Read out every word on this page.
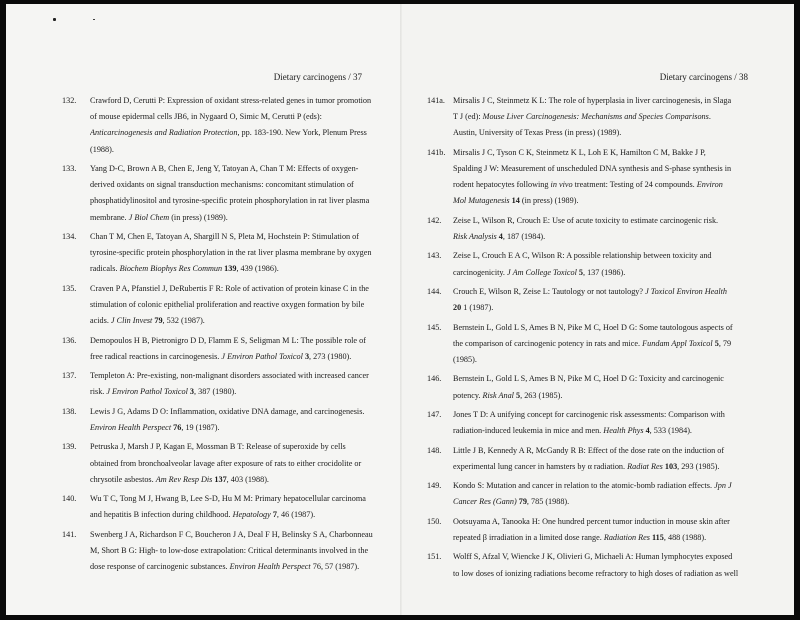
Dietary carcinogens / 37
132.	Crawford D, Cerutti P: Expression of oxidant stress-related genes in tumor promotion
of mouse epidermal cells JB6, in Nygaard O, Simic M, Cerutti P (eds):
Anticarcinogenesis and Radiation Protection, pp. 183-190. New York, Plenum Press
(1988).
133.	Yang D-C, Brown A B, Chen E, Jeng Y, Tatoyan A, Chan T M: Effects of oxygen-
derived oxidants on signal transduction mechanisms: concomitant stimulation of
phosphatidylinositol and tyrosine-specific protein phosphorylation in rat liver plasma
membrane. J Biol Chem (in press) (1989).
134.	Chan T M, Chen E, Tatoyan A, Shargill N S, Pleta M, Hochstein P: Stimulation of
tyrosine-specific protein phosphorylation in the rat liver plasma membrane by oxygen
radicals. Biochem Biophys Res Commun 139, 439 (1986).
135.	Craven P A, Pfanstiel J, DeRubertis F R: Role of activation of protein kinase C in the
stimulation of colonic epithelial proliferation and reactive oxygen formation by bile
acids. J Clin Invest 79, 532 (1987).
136.	Demopoulos H B, Pietronigro D D, Flamm E S, Seligman M L: The possible role of
free radical reactions in carcinogenesis. J Environ Pathol Toxicol 3, 273 (1980).
137.	Templeton A: Pre-existing, non-malignant disorders associated with increased cancer
risk. J Environ Pathol Toxicol 3, 387 (1980).
138.	Lewis J G, Adams D O: Inflammation, oxidative DNA damage, and carcinogenesis.
Environ Health Perspect 76, 19 (1987).
139.	Petruska J, Marsh J P, Kagan E, Mossman B T: Release of superoxide by cells
obtained from bronchoalveolar lavage after exposure of rats to either crocidolite or
chrysotile asbestos. Am Rev Resp Dis 137, 403 (1988).
140.	Wu T C, Tong M J, Hwang B, Lee S-D, Hu M M: Primary hepatocellular carcinoma
and hepatitis B infection during childhood. Hepatology 7, 46 (1987).
141.	Swenberg J A, Richardson F C, Boucheron J A, Deal F H, Belinsky S A, Charbonneau
M, Short B G: High- to low-dose extrapolation: Critical determinants involved in the
dose response of carcinogenic substances. Environ Health Perspect 76, 57 (1987).
Dietary carcinogens / 38
141a. Mirsalis J C, Steinmetz K L: The role of hyperplasia in liver carcinogenesis, in Slaga
T J (ed): Mouse Liver Carcinogenesis: Mechanisms and Species Comparisons.
Austin, University of Texas Press (in press) (1989).
141b. Mirsalis J C, Tyson C K, Steinmetz K L, Loh E K, Hamilton C M, Bakke J P,
Spalding J W: Measurement of unscheduled DNA synthesis and S-phase synthesis in
rodent hepatocytes following in vivo treatment: Testing of 24 compounds. Environ
Mol Mutagenesis 14 (in press) (1989).
142.	Zeise L, Wilson R, Crouch E: Use of acute toxicity to estimate carcinogenic risk.
Risk Analysis 4, 187 (1984).
143.	Zeise L, Crouch E A C, Wilson R: A possible relationship between toxicity and
carcinogenicity. J Am College Toxicol 5, 137 (1986).
144.	Crouch E, Wilson R, Zeise L: Tautology or not tautology? J Toxicol Environ Health
20 1 (1987).
145.	Bernstein L, Gold L S, Ames B N, Pike M C, Hoel D G: Some tautologous aspects of
the comparison of carcinogenic potency in rats and mice. Fundam Appl Toxicol 5, 79
(1985).
146.	Bernstein L, Gold L S, Ames B N, Pike M C, Hoel D G: Toxicity and carcinogenic
potency. Risk Anal 5, 263 (1985).
147.	Jones T D: A unifying concept for carcinogenic risk assessments: Comparison with
radiation-induced leukemia in mice and men. Health Phys 4, 533 (1984).
148.	Little J B, Kennedy A R, McGandy R B: Effect of the dose rate on the induction of
experimental lung cancer in hamsters by α radiation. Radiat Res 103, 293 (1985).
149.	Kondo S: Mutation and cancer in relation to the atomic-bomb radiation effects. Jpn J
Cancer Res (Gann) 79, 785 (1988).
150.	Ootsuyama A, Tanooka H: One hundred percent tumor induction in mouse skin after
repeated β irradiation in a limited dose range. Radiation Res 115, 488 (1988).
151.	Wolff S, Afzal V, Wiencke J K, Olivieri G, Michaeli A: Human lymphocytes exposed
to low doses of ionizing radiations become refractory to high doses of radiation as well
